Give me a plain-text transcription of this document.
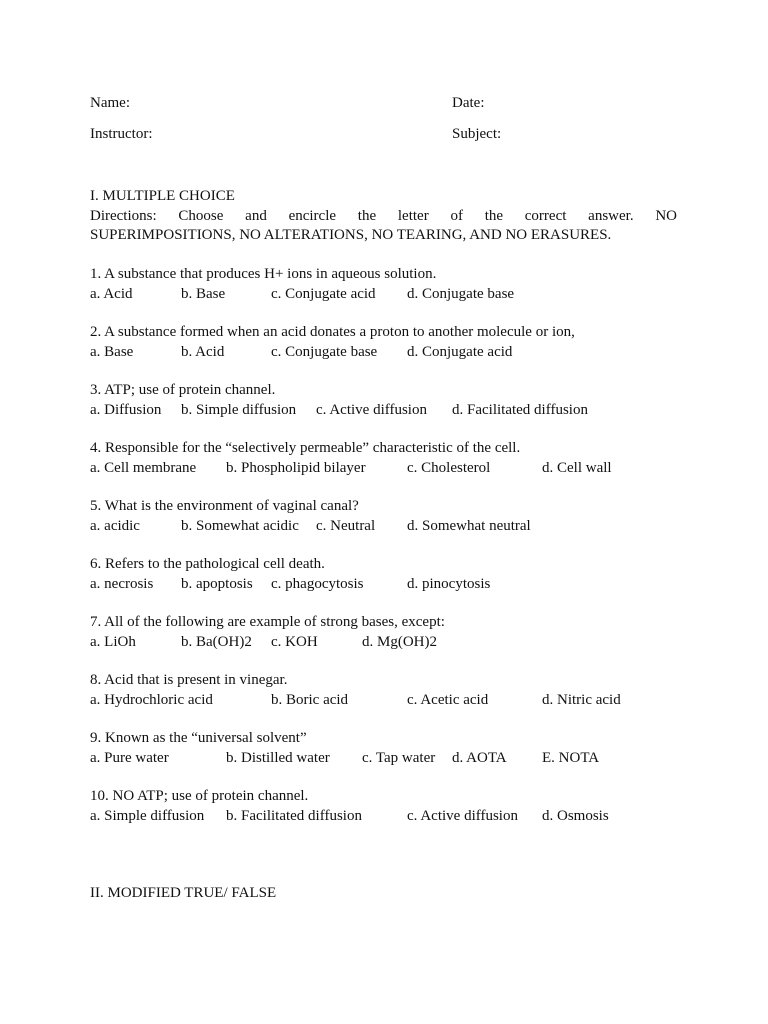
Name:	Date:
Instructor:	Subject:
I. MULTIPLE CHOICE
Directions: Choose and encircle the letter of the correct answer. NO
SUPERIMPOSITIONS, NO ALTERATIONS, NO TEARING, AND NO ERASURES.
1. A substance that produces H+ ions in aqueous solution.
a. Acid	b. Base	c. Conjugate acid d. Conjugate base
2. A substance formed when an acid donates a proton to another molecule or ion,
a. Base	b. Acid	c. Conjugate base d. Conjugate acid
3. ATP; use of protein channel.
a. Diffusion b. Simple diffusion c. Active diffusion d. Facilitated diffusion
4. Responsible for the “selectively permeable” characteristic of the cell.
a. Cell membrane b. Phospholipid bilayer	c. Cholesterol	d. Cell wall
5. What is the environment of vaginal canal?
a. acidic	b. Somewhat acidic c. Neutral d. Somewhat neutral
6. Refers to the pathological cell death.
a. necrosis b. apoptosis c. phagocytosis	d. pinocytosis
7. All of the following are example of strong bases, except:
a. LiOh	b. Ba(OH)2 c. KOH	d. Mg(OH)2
8. Acid that is present in vinegar.
a. Hydrochloric acid	b. Boric acid	c. Acetic acid	d. Nitric acid
9. Known as the “universal solvent”
a. Pure water	b. Distilled water c. Tap water d. AOTA E. NOTA
10. NO ATP; use of protein channel.
a. Simple diffusion b. Facilitated diffusion	c. Active diffusion d. Osmosis
II. MODIFIED TRUE/ FALSE
